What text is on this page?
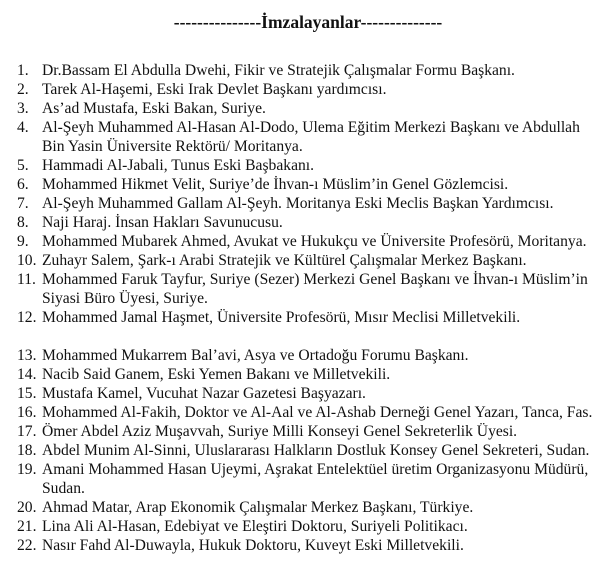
---------------İmzalayanlar--------------
1. Dr.Bassam El Abdulla Dwehi, Fikir ve Stratejik Çalışmalar Formu Başkanı.
2. Tarek Al-Haşemi, Eski Irak Devlet Başkanı yardımcısı.
3. As’ad Mustafa, Eski Bakan, Suriye.
4. Al-Şeyh Muhammed Al-Hasan Al-Dodo, Ulema Eğitim Merkezi Başkanı ve Abdullah Bin Yasin Üniversite Rektörü/ Moritanya.
5. Hammadi Al-Jabali, Tunus Eski Başbakanı.
6. Mohammed Hikmet Velit, Suriye’de İhvan-ı Müslim’in Genel Gözlemcisi.
7. Al-Şeyh Muhammed Gallam Al-Şeyh. Moritanya Eski Meclis Başkan Yardımcısı.
8. Naji Haraj. İnsan Hakları Savunucusu.
9. Mohammed Mubarek Ahmed, Avukat ve Hukukçu ve Üniversite Profesörü, Moritanya.
10. Zuhayr Salem, Şark-ı Arabi Stratejik ve Kültürel Çalışmalar Merkez Başkanı.
11. Mohammed Faruk Tayfur, Suriye (Sezer) Merkezi Genel Başkanı ve İhvan-ı Müslim’in Siyasi Büro Üyesi, Suriye.
12. Mohammed Jamal Haşmet, Üniversite Profesörü, Mısır Meclisi Milletvekili.
13. Mohammed Mukarrem Bal’avi, Asya ve Ortadoğu Forumu Başkanı.
14. Nacib Said Ganem, Eski Yemen Bakanı ve Milletvekili.
15. Mustafa Kamel, Vucuhat Nazar Gazetesi Başyazarı.
16. Mohammed Al-Fakih, Doktor ve Al-Aal ve Al-Ashab Derneği Genel Yazarı, Tanca, Fas.
17. Ömer Abdel Aziz Muşavvah, Suriye Milli Konseyi Genel Sekreterlik Üyesi.
18. Abdel Munim Al-Sinni, Uluslararası Halkların Dostluk Konsey Genel Sekreteri, Sudan.
19. Amani Mohammed Hasan Ujeymi, Aşrakat Entelektüel üretim Organizasyonu Müdürü, Sudan.
20. Ahmad Matar, Arap Ekonomik Çalışmalar Merkez Başkanı, Türkiye.
21. Lina Ali Al-Hasan, Edebiyat ve Eleştiri Doktoru, Suriyeli Politikacı.
22. Nasır Fahd Al-Duwayla, Hukuk Doktoru, Kuveyt Eski Milletvekili.
